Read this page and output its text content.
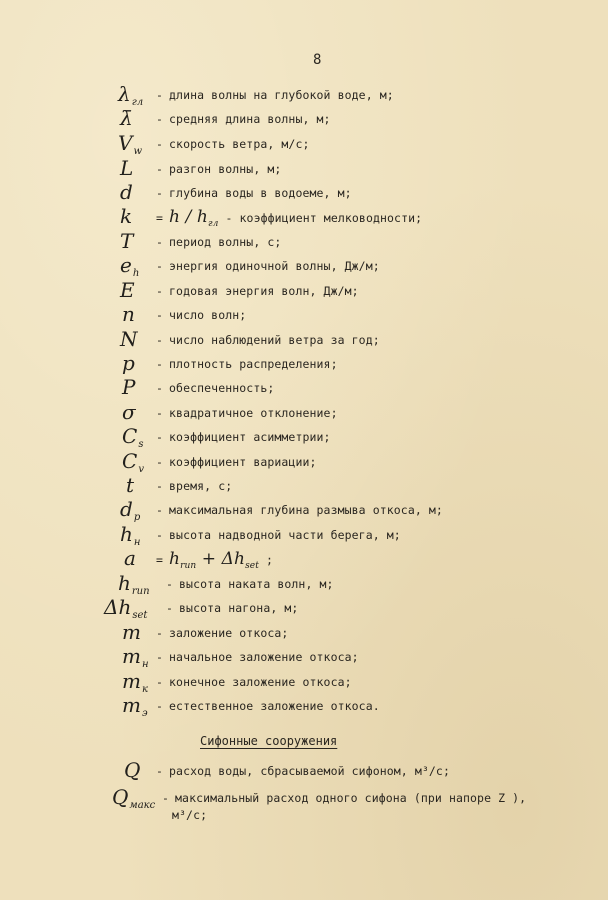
8
$\lambda_{гл}$
- длина волны на глубокой воде, м;
λ̄ - средняя длина волны, м;
$V_w$
- скорость ветра, м/с;
L - разгон волны, м;
d - глубина воды в водоеме, м;
$k = h / h_{гл}$ - коэффициент мелководности;
T - период волны, с;
$e_h$
- энергия одиночной волны, Дж/м;
E - годовая энергия волн, Дж/м;
n - число волн;
N - число наблюдений ветра за год;
p - плотность распределения;
P - обеспеченность;
σ - квадратичное отклонение;
$C_s$
- коэффициент асимметрии;
$C_v$
- коэффициент вариации;
t - время, с;
$d_p$
- максимальная глубина размыва откоса, м;
$h_н$
- высота надводной части берега, м;
$a = h_{run} + \Delta h_{set}$ ;
$h_{run}$
- высота наката волн, м;
$\Delta h_{set}$
- высота нагона, м;
m - заложение откоса;
$m_н$
- начальное заложение откоса;
$m_к$
- конечное заложение откоса;
$m_э$
- естественное заложение откоса.
Сифонные сооружения
Q - расход воды, сбрасываемой сифоном, м³/с;
$Q_{макс}$
- максимальный расход одного сифона (при напоре Z ),
м³/с;
